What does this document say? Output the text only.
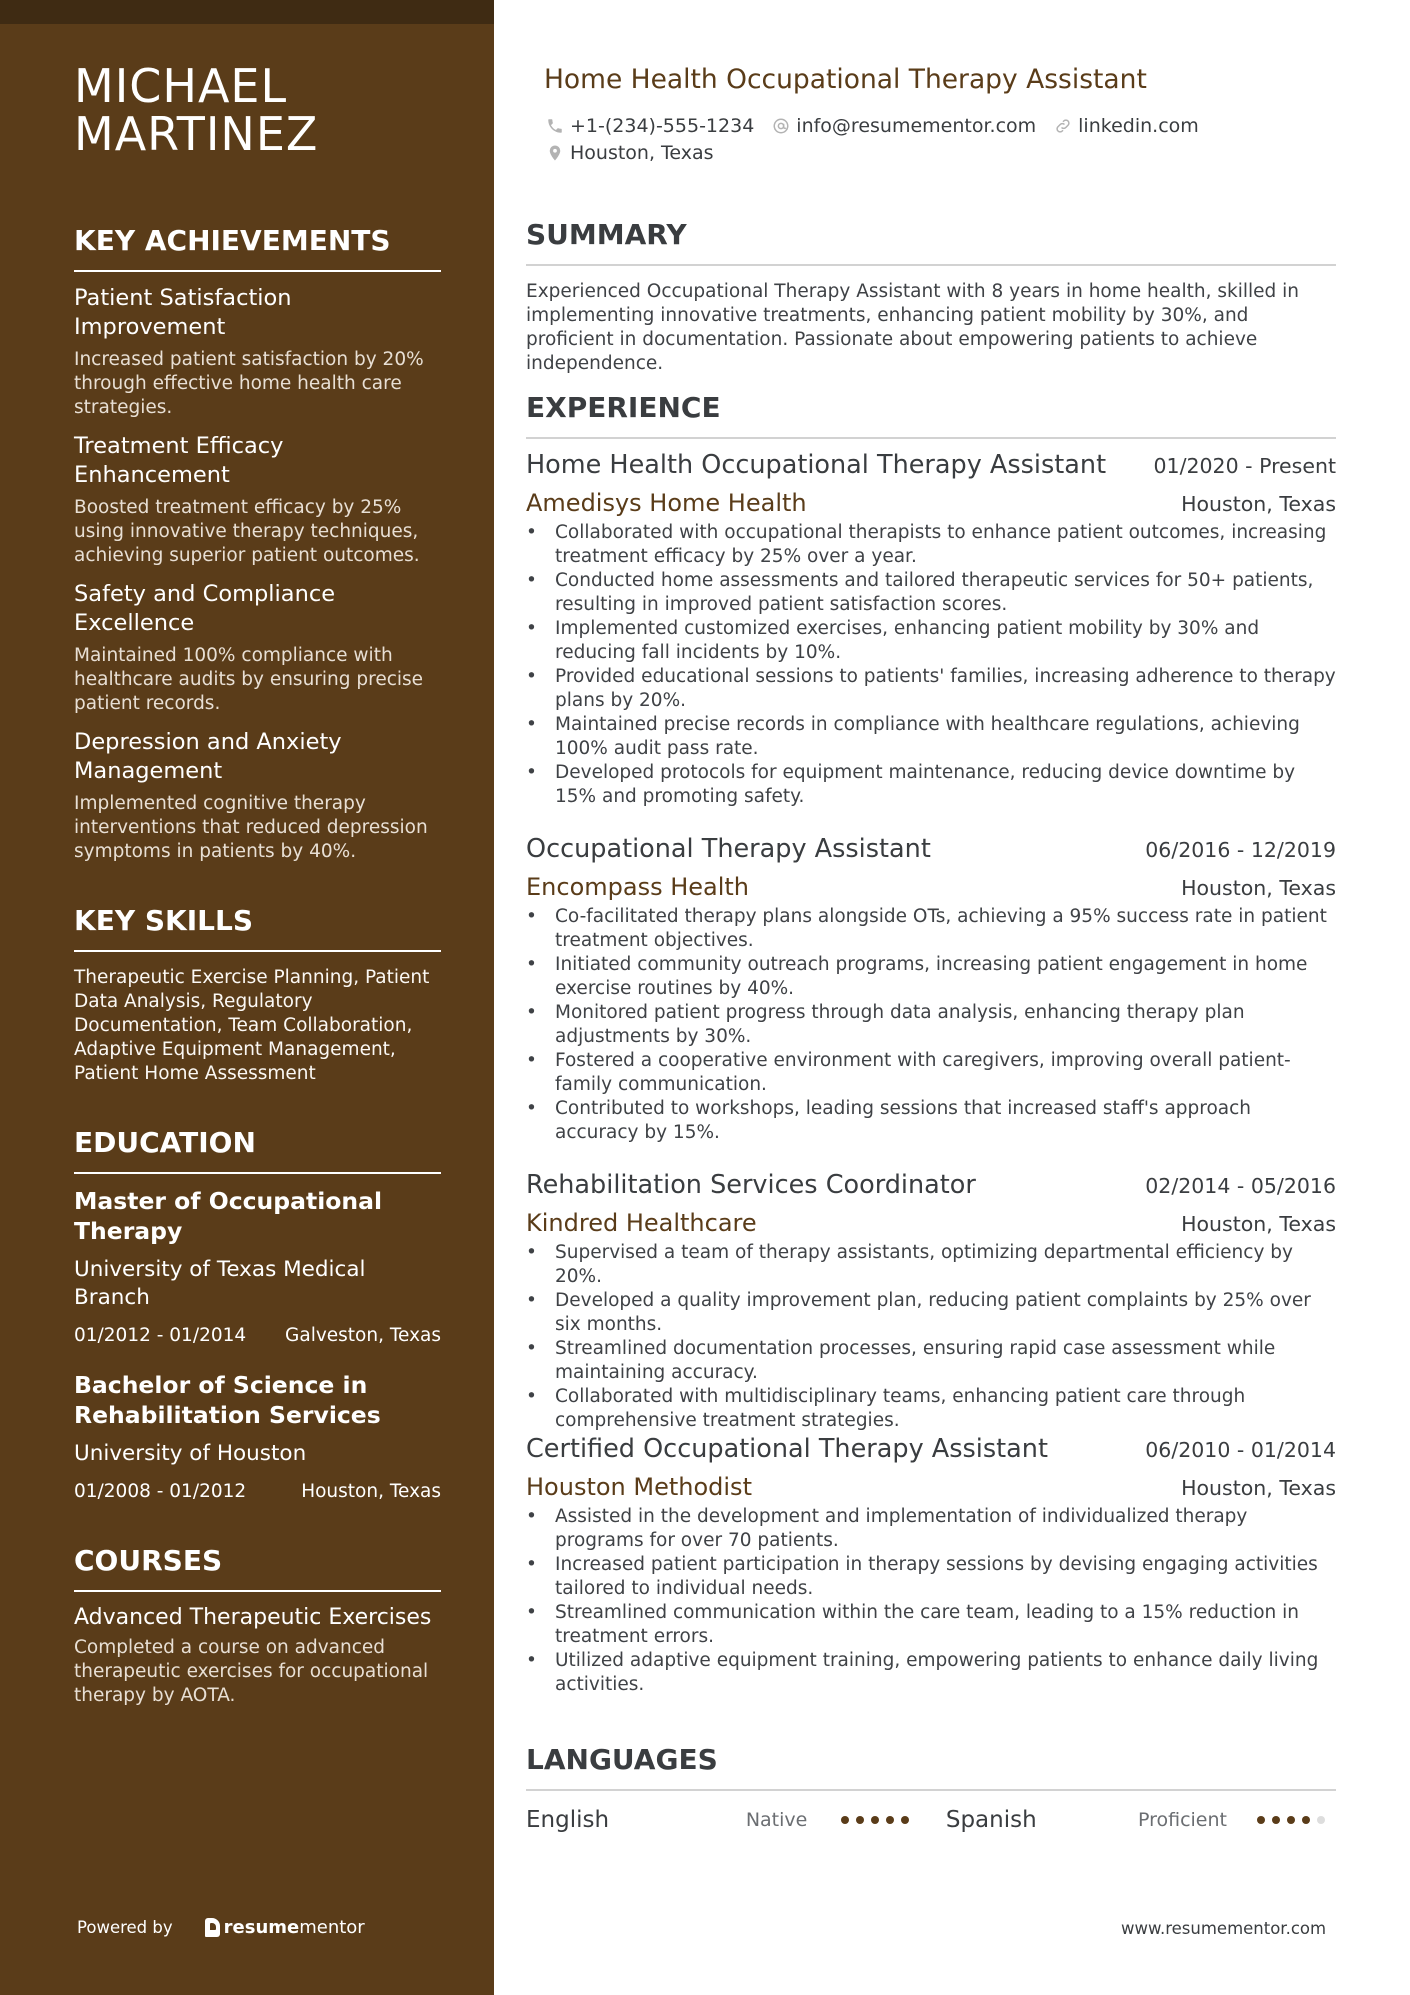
MICHAEL
MARTINEZ
KEY ACHIEVEMENTS
Patient Satisfaction Improvement
Increased patient satisfaction by 20% through effective home health care strategies.
Treatment Efficacy Enhancement
Boosted treatment efficacy by 25% using innovative therapy techniques, achieving superior patient outcomes.
Safety and Compliance Excellence
Maintained 100% compliance with healthcare audits by ensuring precise patient records.
Depression and Anxiety Management
Implemented cognitive therapy interventions that reduced depression symptoms in patients by 40%.
KEY SKILLS
Therapeutic Exercise Planning, Patient Data Analysis, Regulatory Documentation, Team Collaboration, Adaptive Equipment Management, Patient Home Assessment
EDUCATION
Master of Occupational Therapy
University of Texas Medical Branch
01/2012 - 01/2014 Galveston, Texas
Bachelor of Science in Rehabilitation Services
University of Houston
01/2008 - 01/2012	Houston, Texas
COURSES
Advanced Therapeutic Exercises
Completed a course on advanced therapeutic exercises for occupational therapy by AOTA.
Powered by	resume mentor
Home Health Occupational Therapy Assistant
+1-(234)-555-1234 info@resumementor.com linkedin.com
Houston, Texas
SUMMARY
Experienced Occupational Therapy Assistant with 8 years in home health, skilled in implementing innovative treatments, enhancing patient mobility by 30%, and proficient in documentation. Passionate about empowering patients to achieve independence.
EXPERIENCE
Home Health Occupational Therapy Assistant 01/2020 - Present
Amedisys Home Health	Houston, Texas
• Collaborated with occupational therapists to enhance patient outcomes, increasing treatment efficacy by 25% over a year.
• Conducted home assessments and tailored therapeutic services for 50+ patients, resulting in improved patient satisfaction scores.
• Implemented customized exercises, enhancing patient mobility by 30% and reducing fall incidents by 10%.
• Provided educational sessions to patients' families, increasing adherence to therapy plans by 20%.
• Maintained precise records in compliance with healthcare regulations, achieving 100% audit pass rate.
• Developed protocols for equipment maintenance, reducing device downtime by 15% and promoting safety.
Occupational Therapy Assistant	06/2016 - 12/2019
Encompass Health	Houston, Texas
• Co-facilitated therapy plans alongside OTs, achieving a 95% success rate in patient treatment objectives.
• Initiated community outreach programs, increasing patient engagement in home exercise routines by 40%.
• Monitored patient progress through data analysis, enhancing therapy plan adjustments by 30%.
• Fostered a cooperative environment with caregivers, improving overall patient-family communication.
• Contributed to workshops, leading sessions that increased staff's approach accuracy by 15%.
Rehabilitation Services Coordinator	02/2014 - 05/2016
Kindred Healthcare	Houston, Texas
• Supervised a team of therapy assistants, optimizing departmental efficiency by 20%.
• Developed a quality improvement plan, reducing patient complaints by 25% over six months.
• Streamlined documentation processes, ensuring rapid case assessment while maintaining accuracy.
• Collaborated with multidisciplinary teams, enhancing patient care through comprehensive treatment strategies.
Certified Occupational Therapy Assistant	06/2010 - 01/2014
Houston Methodist	Houston, Texas
• Assisted in the development and implementation of individualized therapy programs for over 70 patients.
• Increased patient participation in therapy sessions by devising engaging activities tailored to individual needs.
• Streamlined communication within the care team, leading to a 15% reduction in treatment errors.
• Utilized adaptive equipment training, empowering patients to enhance daily living activities.
LANGUAGES
English	Native	Spanish	Proficient
www.resumementor.com
